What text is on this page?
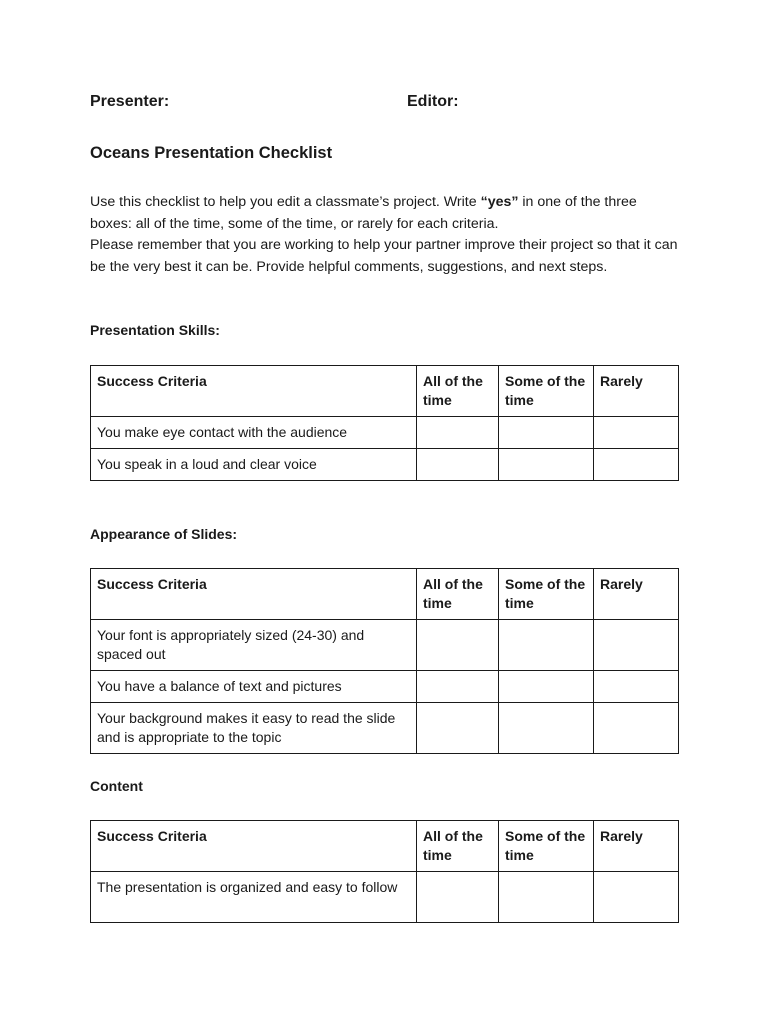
Presenter:	Editor:
Oceans Presentation Checklist

Use this checklist to help you edit a classmate’s project. Write “yes” in one of the three boxes: all of the time, some of the time, or rarely for each criteria.

Please remember that you are working to help your partner improve their project so that it can be the very best it can be. Provide helpful comments, suggestions, and next steps.

Presentation Skills:
Success Criteria	All of the time	Some of the time	Rarely
You make eye contact with the audience			
You speak in a loud and clear voice			
Appearance of Slides:
Success Criteria	All of the time	Some of the time	Rarely
Your font is appropriately sized (24-30) and spaced out			
You have a balance of text and pictures			
Your background makes it easy to read the slide and is appropriate to the topic			
Content
Success Criteria	All of the time	Some of the time	Rarely
The presentation is organized and easy to follow			
